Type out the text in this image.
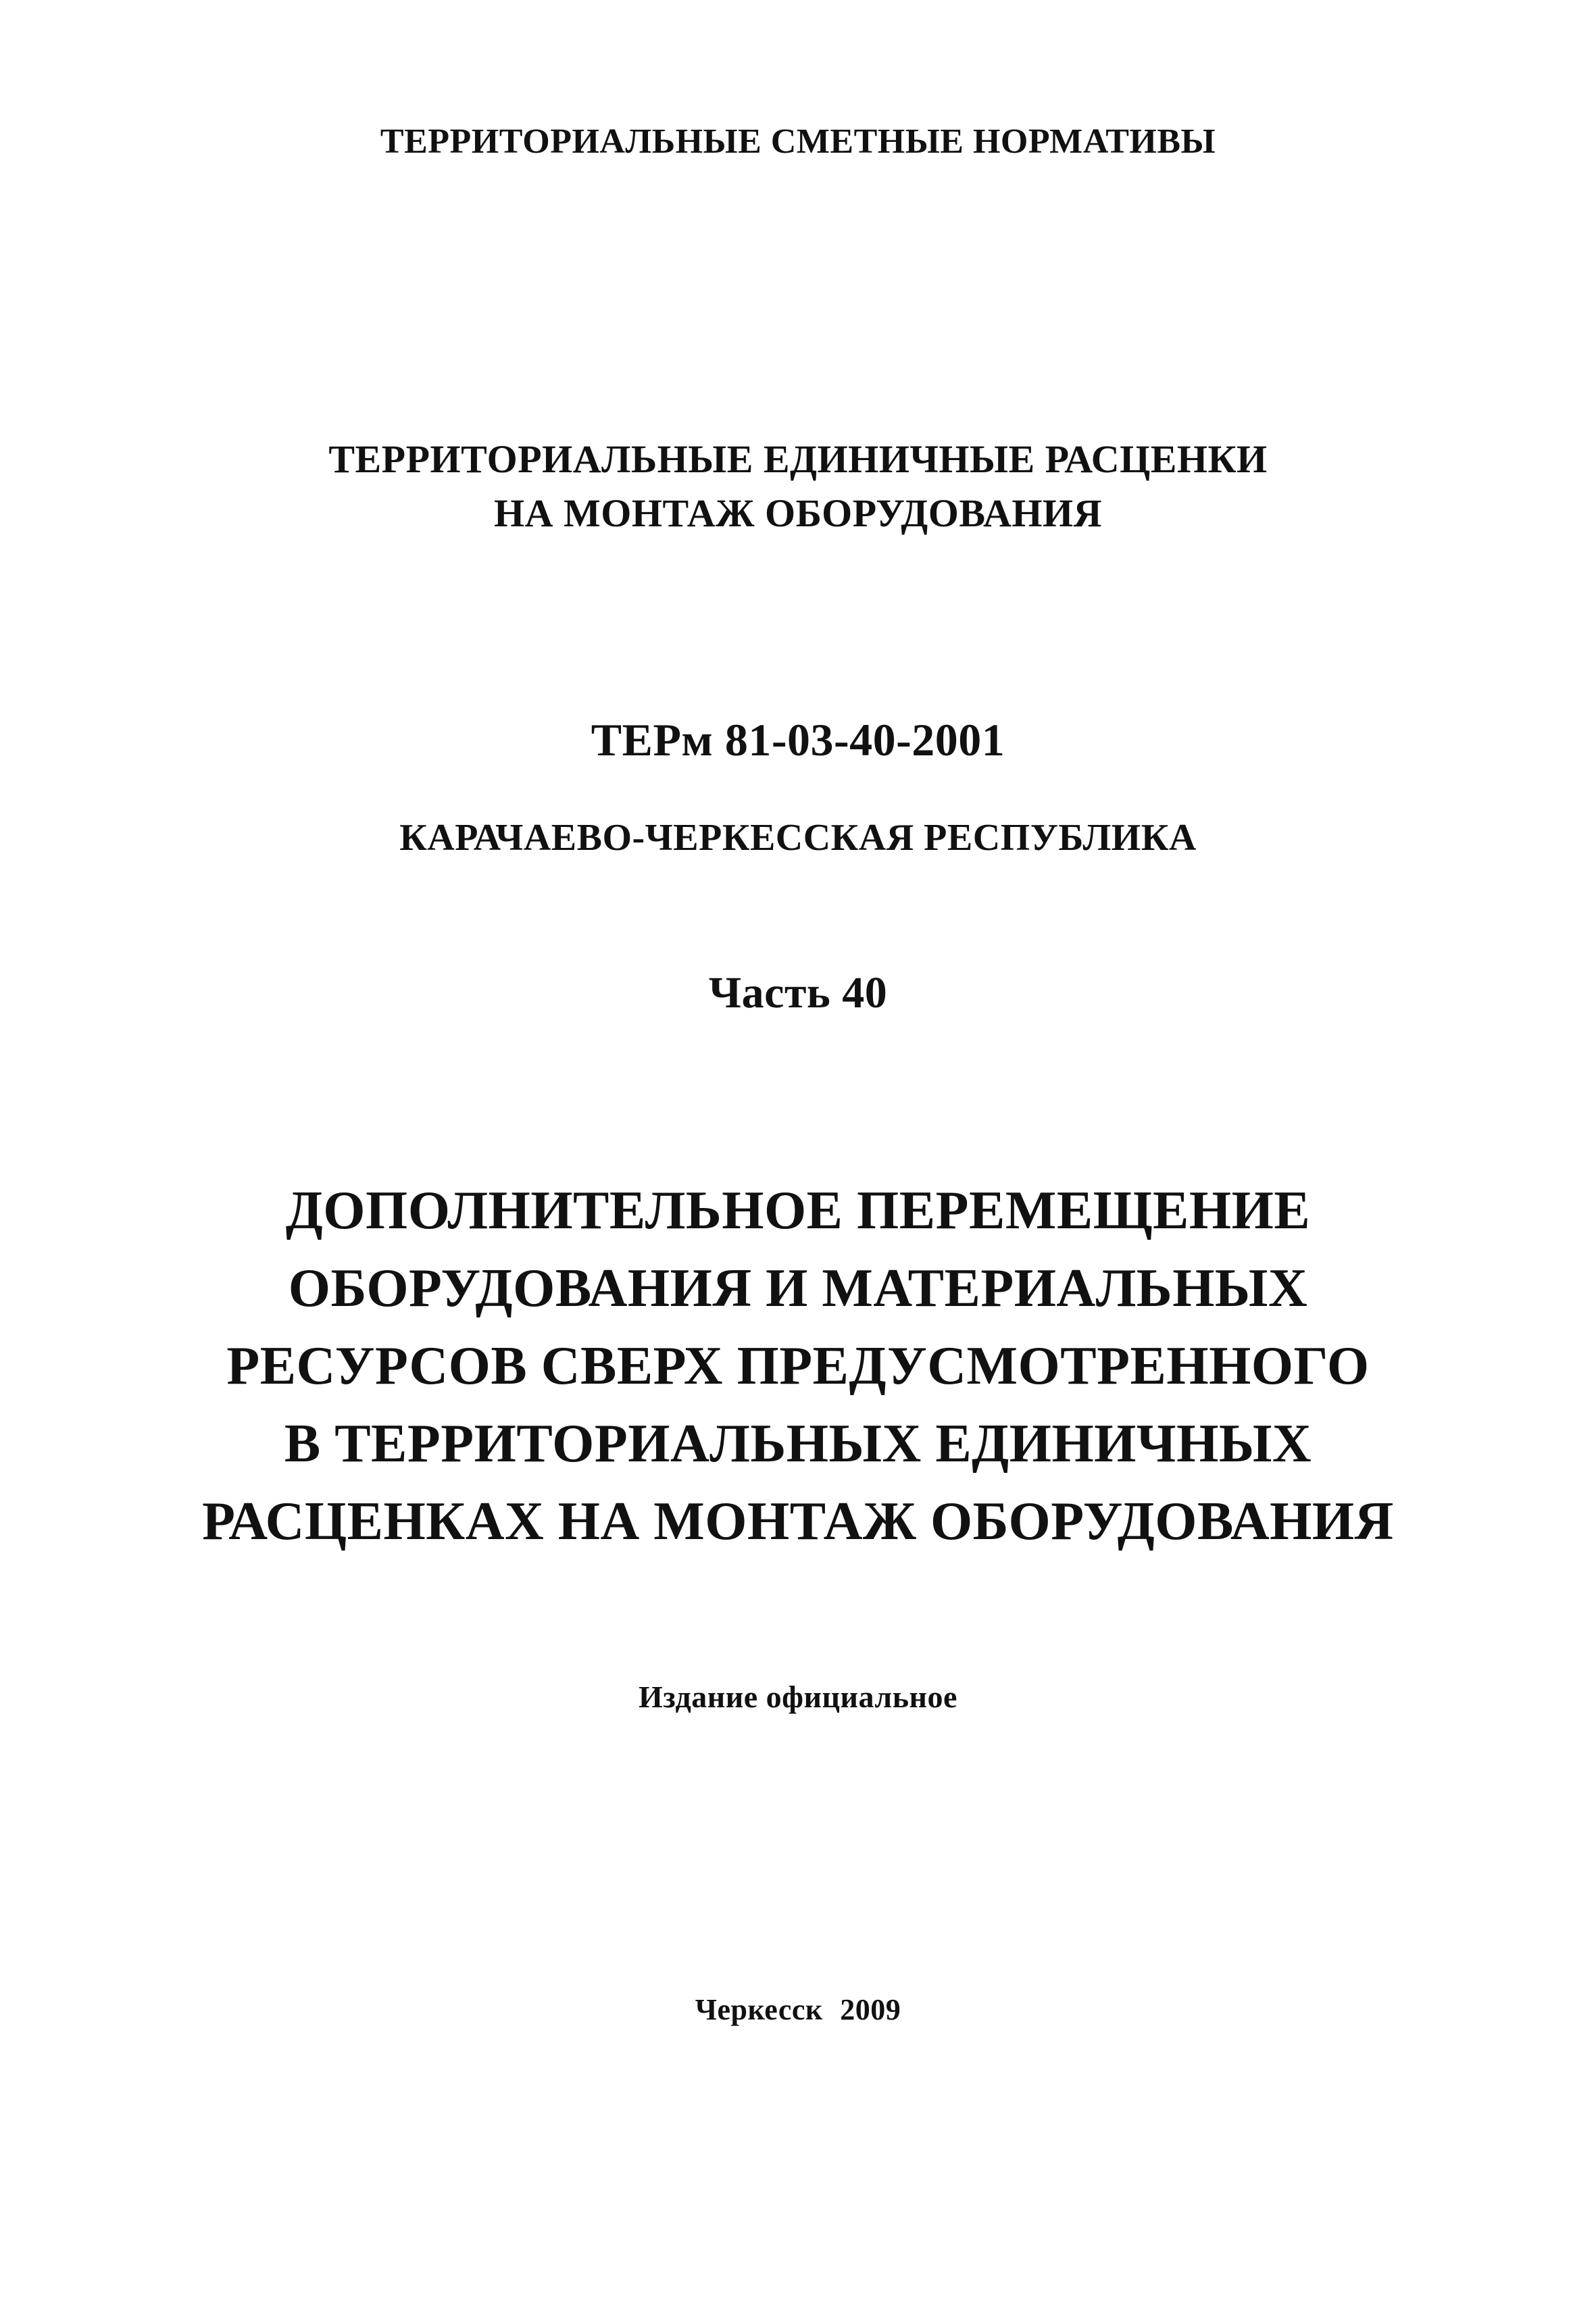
ТЕРРИТОРИАЛЬНЫЕ СМЕТНЫЕ НОРМАТИВЫ
ТЕРРИТОРИАЛЬНЫЕ ЕДИНИЧНЫЕ РАСЦЕНКИ
НА МОНТАЖ ОБОРУДОВАНИЯ
ТЕРм 81-03-40-2001
КАРАЧАЕВО-ЧЕРКЕССКАЯ РЕСПУБЛИКА
Часть 40
ДОПОЛНИТЕЛЬНОЕ ПЕРЕМЕЩЕНИЕ
ОБОРУДОВАНИЯ И МАТЕРИАЛЬНЫХ
РЕСУРСОВ СВЕРХ ПРЕДУСМОТРЕННОГО
В ТЕРРИТОРИАЛЬНЫХ ЕДИНИЧНЫХ
РАСЦЕНКАХ НА МОНТАЖ ОБОРУДОВАНИЯ
Издание официальное
Черкесск 2009
